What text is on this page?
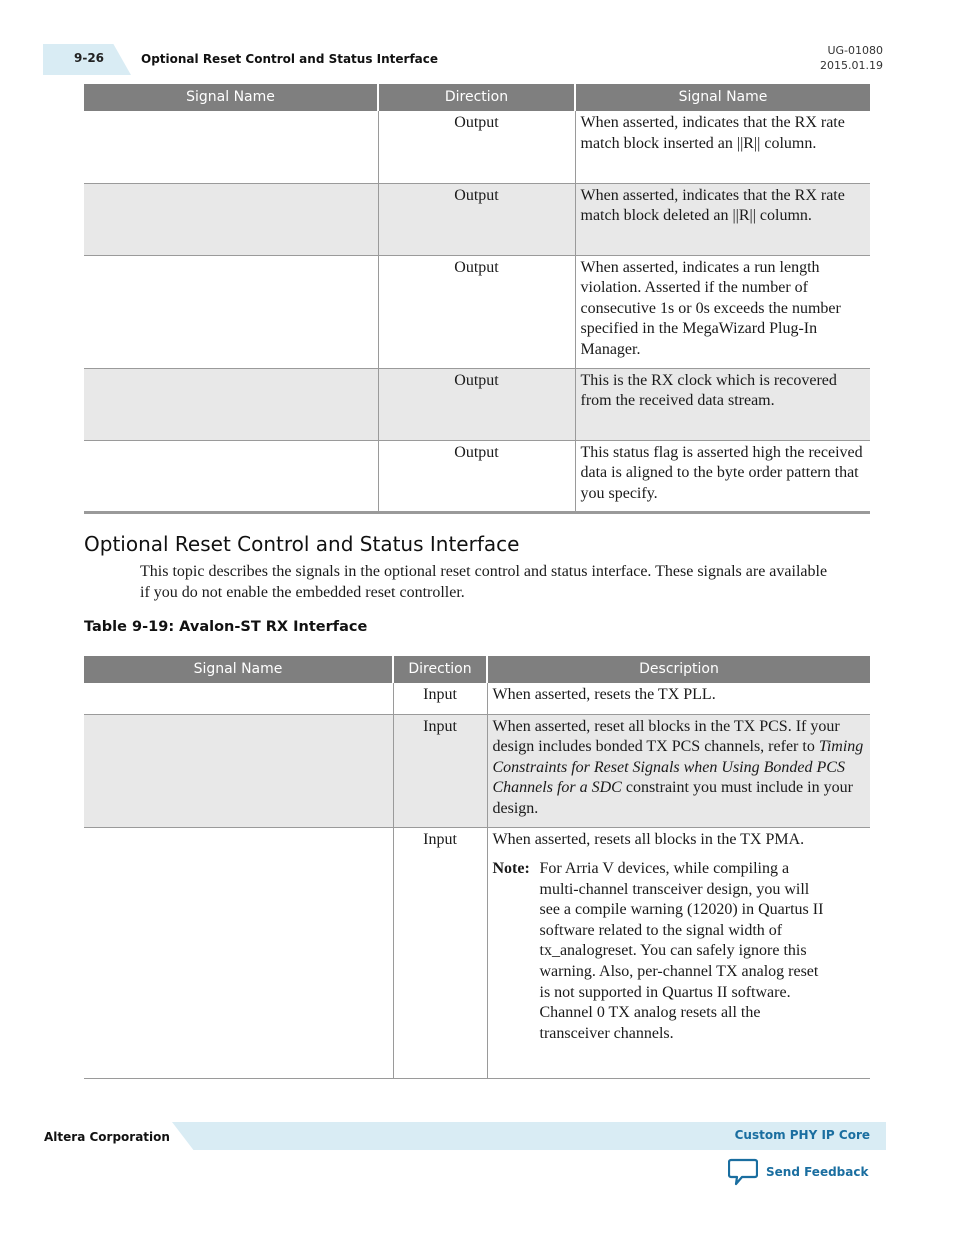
9-26	Optional Reset Control and Status Interface
UG-01080
2015.01.19
Signal Name	Direction	Signal Name
	Output	When asserted, indicates that the RX rate match block inserted an ||R|| column.
	Output	When asserted, indicates that the RX rate match block deleted an ||R|| column.
	Output	When asserted, indicates a run length violation. Asserted if the number of consecutive 1s or 0s exceeds the number specified in the MegaWizard Plug-In Manager.
	Output	This is the RX clock which is recovered from the received data stream.
	Output	This status flag is asserted high the received data is aligned to the byte order pattern that you specify.
Optional Reset Control and Status Interface

This topic describes the signals in the optional reset control and status interface. These signals are available if you do not enable the embedded reset controller.

Table 9-19: Avalon-ST RX Interface

Signal Name	Direction	Description
	Input	When asserted, resets the TX PLL.
	Input	When asserted, reset all blocks in the TX PCS. If your design includes bonded TX PCS channels, refer to Timing Constraints for Reset Signals when Using Bonded PCS Channels for a SDC constraint you must include in your design.
	Input	When asserted, resets all blocks in the TX PMA.
Note: For Arria V devices, while compiling a multi-channel transceiver design, you will see a compile warning (12020) in Quartus II software related to the signal width of tx_analogreset. You can safely ignore this warning. Also, per-channel TX analog reset is not supported in Quartus II software. Channel 0 TX analog resets all the transceiver channels.
Altera Corporation	Custom PHY IP Core
Send Feedback
